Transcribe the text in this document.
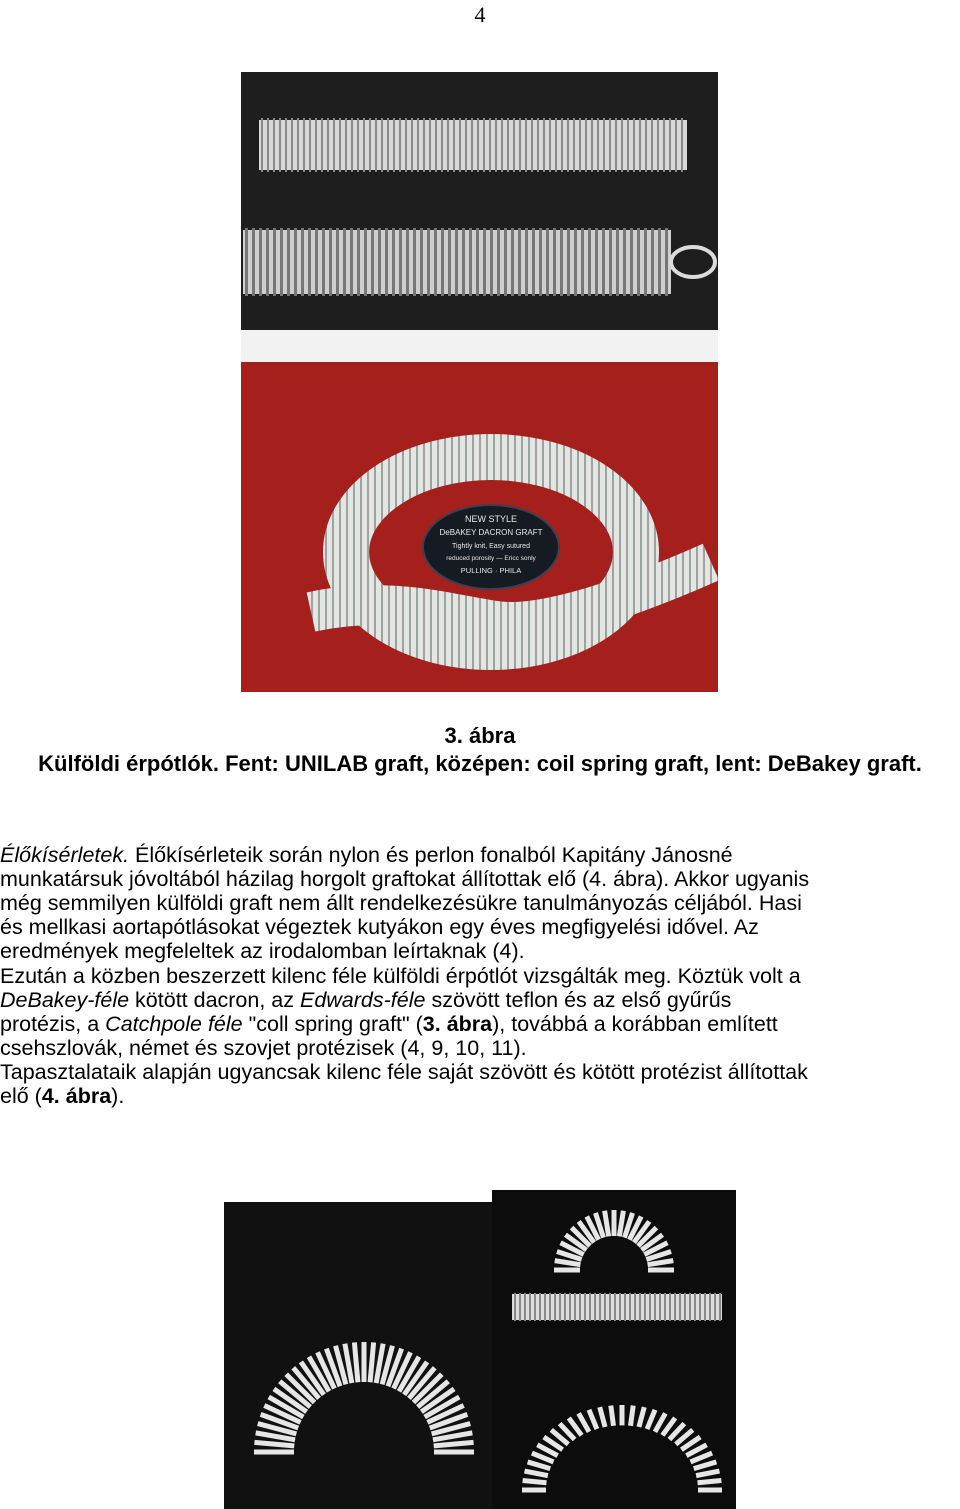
4
NEW STYLE
DeBAKEY DACRON GRAFT
Tightly knit, Easy sutured
reduced porosity — Ericc sonly
PULLING · PHILA
3. ábra
Külföldi érpótlók. Fent: UNILAB graft, középen: coil spring graft, lent: DeBakey graft.
Élőkísérletek. Élőkísérleteik során nylon és perlon fonalból Kapitány Jánosné
munkatársuk jóvoltából házilag horgolt graftokat állítottak elő (4. ábra). Akkor ugyanis
még semmilyen külföldi graft nem állt rendelkezésükre tanulmányozás céljából. Hasi
és mellkasi aortapótlásokat végeztek kutyákon egy éves megfigyelési idővel. Az
eredmények megfeleltek az irodalomban leírtaknak (4).
Ezután a közben beszerzett kilenc féle külföldi érpótlót vizsgálták meg. Köztük volt a
DeBakey-féle kötött dacron, az Edwards-féle szövött teflon és az első gyűrűs
protézis, a Catchpole féle "coll spring graft" (3. ábra), továbbá a korábban említett
csehszlovák, német és szovjet protézisek (4, 9, 10, 11).
Tapasztalataik alapján ugyancsak kilenc féle saját szövött és kötött protézist állítottak
elő (4. ábra).
